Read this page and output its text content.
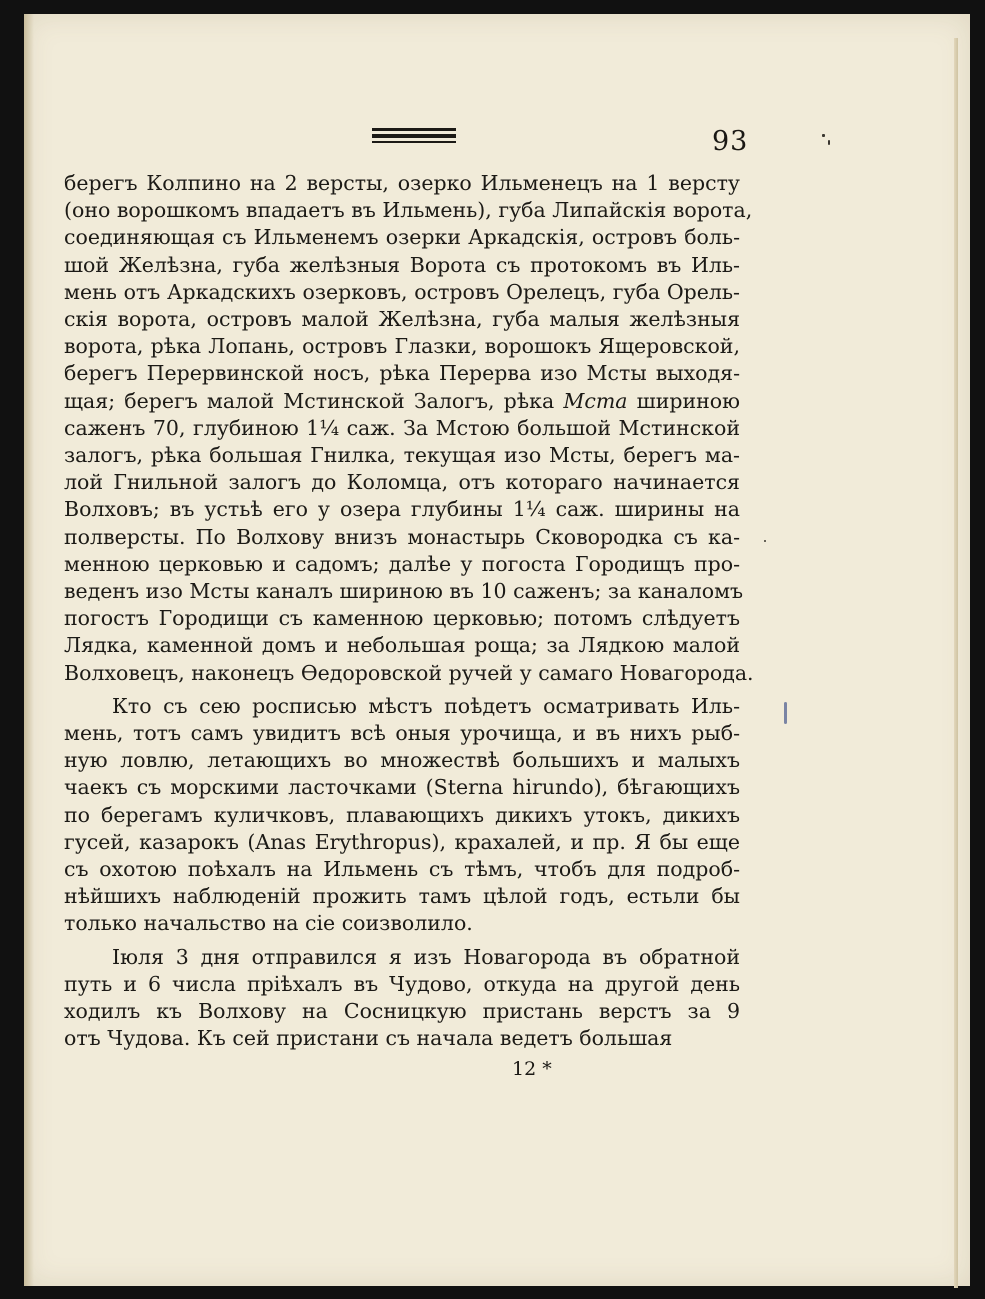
93
берегъ Колпино на 2 версты, озерко Ильменецъ на 1 версту
(оно ворошкомъ впадаетъ въ Ильмень), губа Липайскія ворота,
соединяющая съ Ильменемъ озерки Аркадскія, островъ боль-
шой Желѣзна, губа желѣзныя Ворота съ протокомъ въ Иль-
мень отъ Аркадскихъ озерковъ, островъ Орелецъ, губа Орель-
скія ворота, островъ малой Желѣзна, губа малыя желѣзныя
ворота, рѣка Лопань, островъ Глазки, ворошокъ Ящеровской,
берегъ Перервинской носъ, рѣка Перерва изо Мсты выходя-
щая; берегъ малой Мстинской Залогъ, рѣка Мста шириною
саженъ 70, глубиною 1¼ саж. За Мстою большой Мстинской
залогъ, рѣка большая Гнилка, текущая изо Мсты, берегъ ма-
лой Гнильной залогъ до Коломца, отъ котораго начинается
Волховъ; въ устьѣ его у озера глубины 1¼ саж. ширины на
полверсты. По Волхову внизъ монастырь Сковородка съ ка-
менною церковью и садомъ; далѣе у погоста Городищъ про-
веденъ изо Мсты каналъ шириною въ 10 саженъ; за каналомъ
погостъ Городищи съ каменною церковью; потомъ слѣдуетъ
Лядка, каменной домъ и небольшая роща; за Лядкою малой
Волховецъ, наконецъ Ѳедоровской ручей у самаго Новагорода.
Кто съ сею росписью мѣстъ поѣдетъ осматривать Иль-
мень, тотъ самъ увидитъ всѣ оныя урочища, и въ нихъ рыб-
ную ловлю, летающихъ во множествѣ большихъ и малыхъ
чаекъ съ морскими ласточками (Sterna hirundo), бѣгающихъ
по берегамъ куличковъ, плавающихъ дикихъ утокъ, дикихъ
гусей, казарокъ (Anas Erythropus), крахалей, и пр. Я бы еще
съ охотою поѣхалъ на Ильмень съ тѣмъ, чтобъ для подроб-
нѣйшихъ наблюденій прожить тамъ цѣлой годъ, естьли бы
только начальство на сіе соизволило.
Іюля 3 дня отправился я изъ Новагорода въ обратной
путь и 6 числа пріѣхалъ въ Чудово, откуда на другой день
ходилъ къ Волхову на Сосницкую пристань верстъ за 9
отъ Чудова. Къ сей пристани съ начала ведетъ большая
12 *
